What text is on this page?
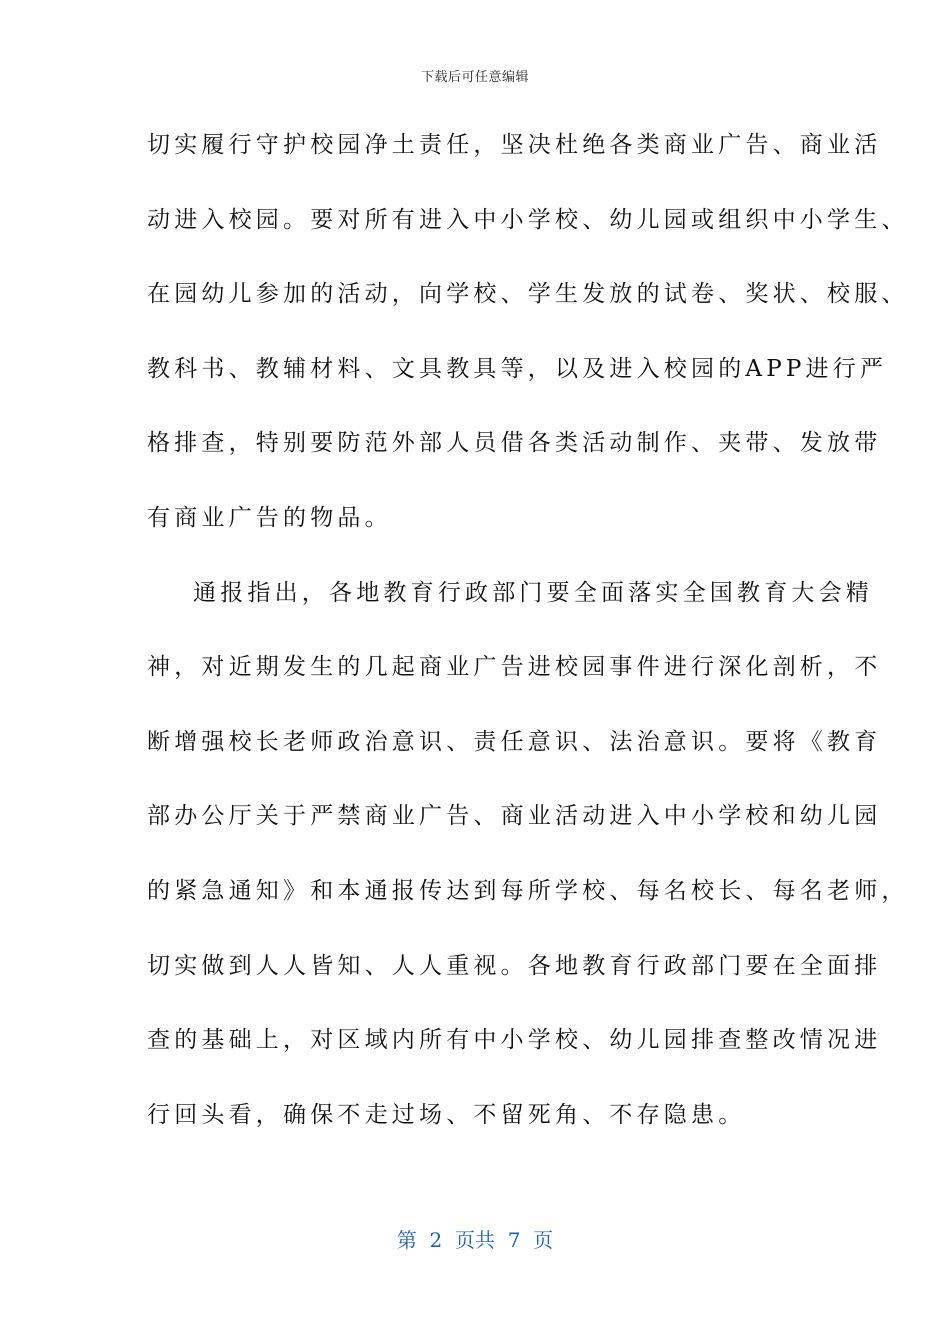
下载后可任意编辑
切实履行守护校园净土责任，坚决杜绝各类商业广告、商业活
动进入校园。要对所有进入中小学校、幼儿园或组织中小学生、
在园幼儿参加的活动，向学校、学生发放的试卷、奖状、校服、
教科书、教辅材料、文具教具等，以及进入校园的APP进行严
格排查，特别要防范外部人员借各类活动制作、夹带、发放带
有商业广告的物品。
通报指出，各地教育行政部门要全面落实全国教育大会精
神，对近期发生的几起商业广告进校园事件进行深化剖析，不
断增强校长老师政治意识、责任意识、法治意识。要将《教育
部办公厅关于严禁商业广告、商业活动进入中小学校和幼儿园
的紧急通知》和本通报传达到每所学校、每名校长、每名老师，
切实做到人人皆知、人人重视。各地教育行政部门要在全面排
查的基础上，对区域内所有中小学校、幼儿园排查整改情况进
行回头看，确保不走过场、不留死角、不存隐患。
第  2  页共  7  页
